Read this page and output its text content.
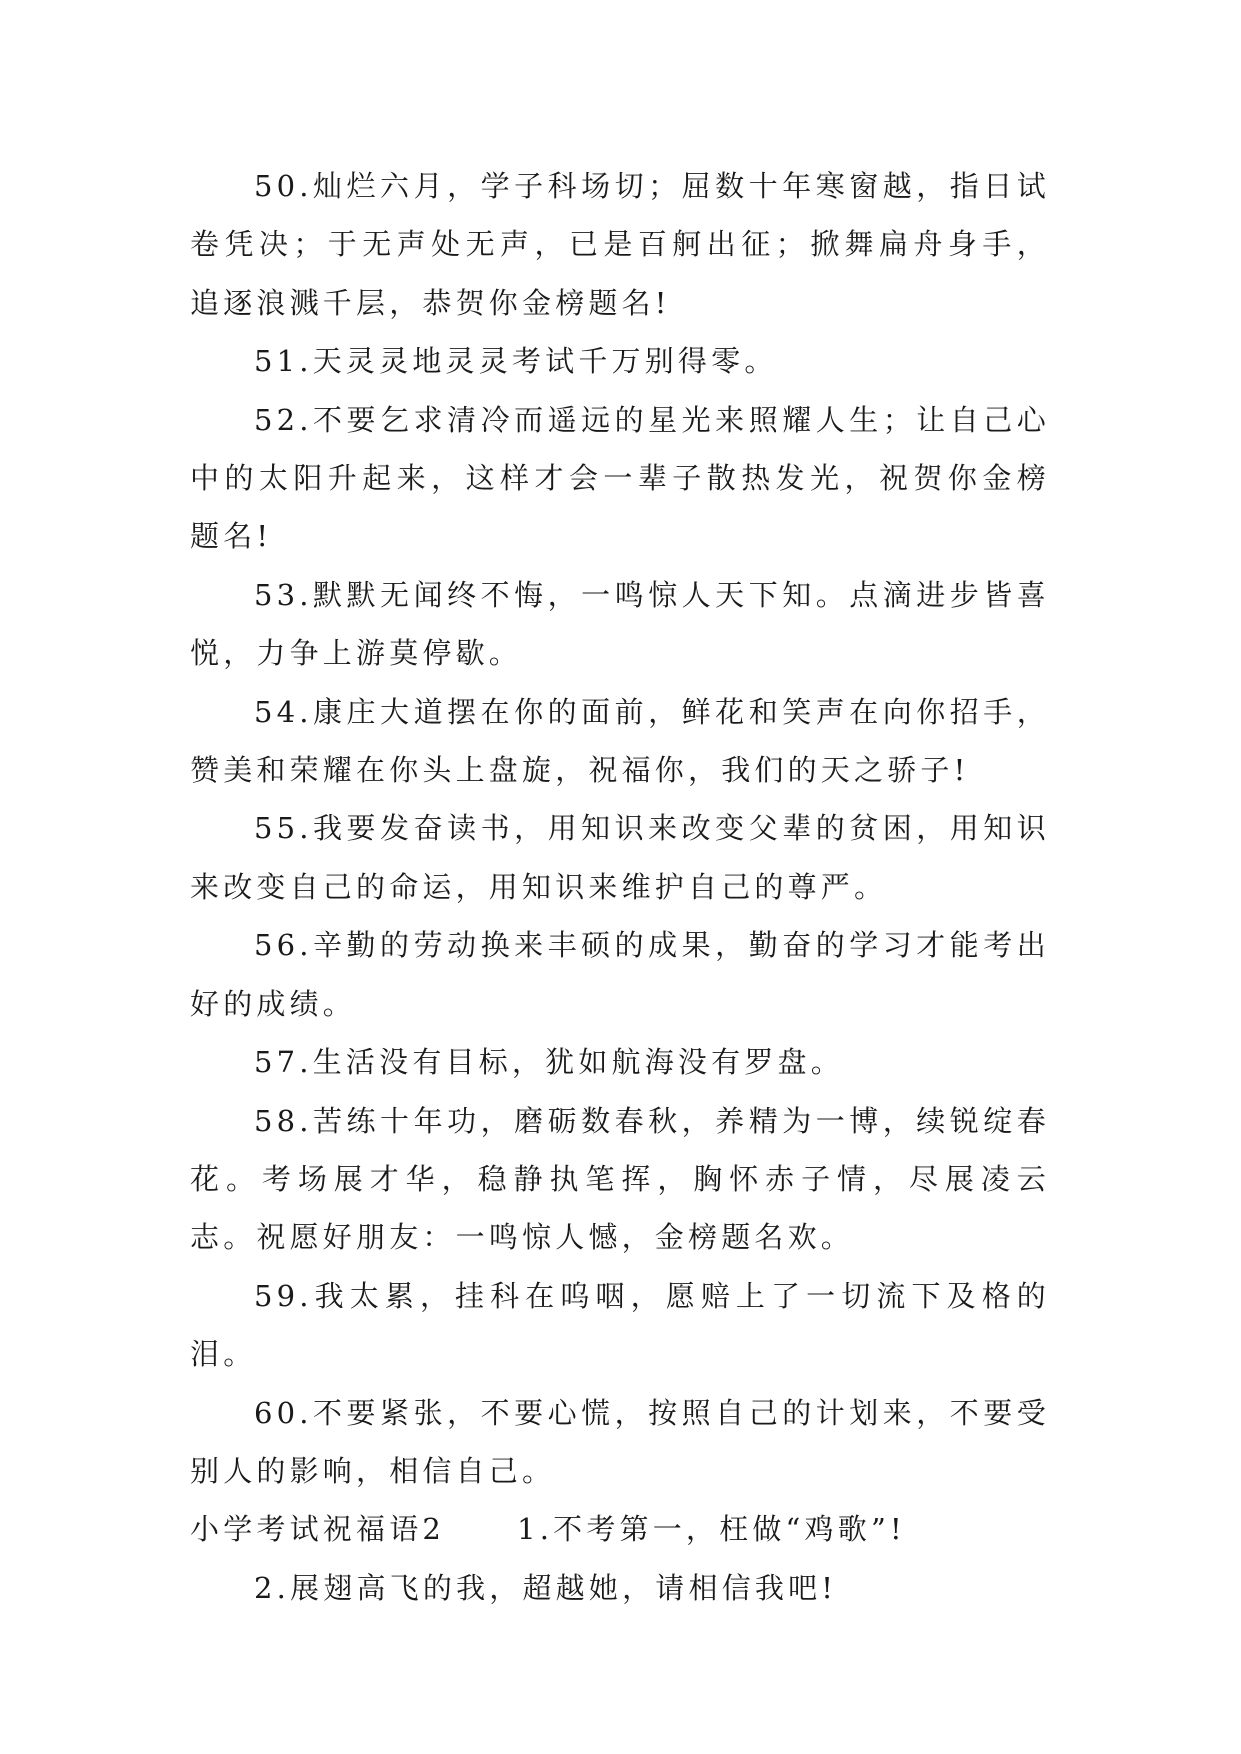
50.灿烂六月，学子科场切；屈数十年寒窗越，指日试卷凭决；于无声处无声，已是百舸出征；掀舞扁舟身手，追逐浪溅千层，恭贺你金榜题名!

51.天灵灵地灵灵考试千万别得零。

52.不要乞求清冷而遥远的星光来照耀人生；让自己心中的太阳升起来，这样才会一辈子散热发光，祝贺你金榜题名!

53.默默无闻终不悔，一鸣惊人天下知。点滴进步皆喜悦，力争上游莫停歇。

54.康庄大道摆在你的面前，鲜花和笑声在向你招手，赞美和荣耀在你头上盘旋，祝福你，我们的天之骄子!

55.我要发奋读书，用知识来改变父辈的贫困，用知识来改变自己的命运，用知识来维护自己的尊严。

56.辛勤的劳动换来丰硕的成果，勤奋的学习才能考出好的成绩。

57.生活没有目标，犹如航海没有罗盘。

58.苦练十年功，磨砺数春秋，养精为一博，续锐绽春花。考场展才华，稳静执笔挥，胸怀赤子情，尽展凌云志。祝愿好朋友：一鸣惊人憾，金榜题名欢。

59.我太累，挂科在呜咽，愿赔上了一切流下及格的泪。

60.不要紧张，不要心慌，按照自己的计划来，不要受别人的影响，相信自己。

小学考试祝福语2 1.不考第一，枉做“鸡歌”!

2.展翅高飞的我，超越她，请相信我吧!
